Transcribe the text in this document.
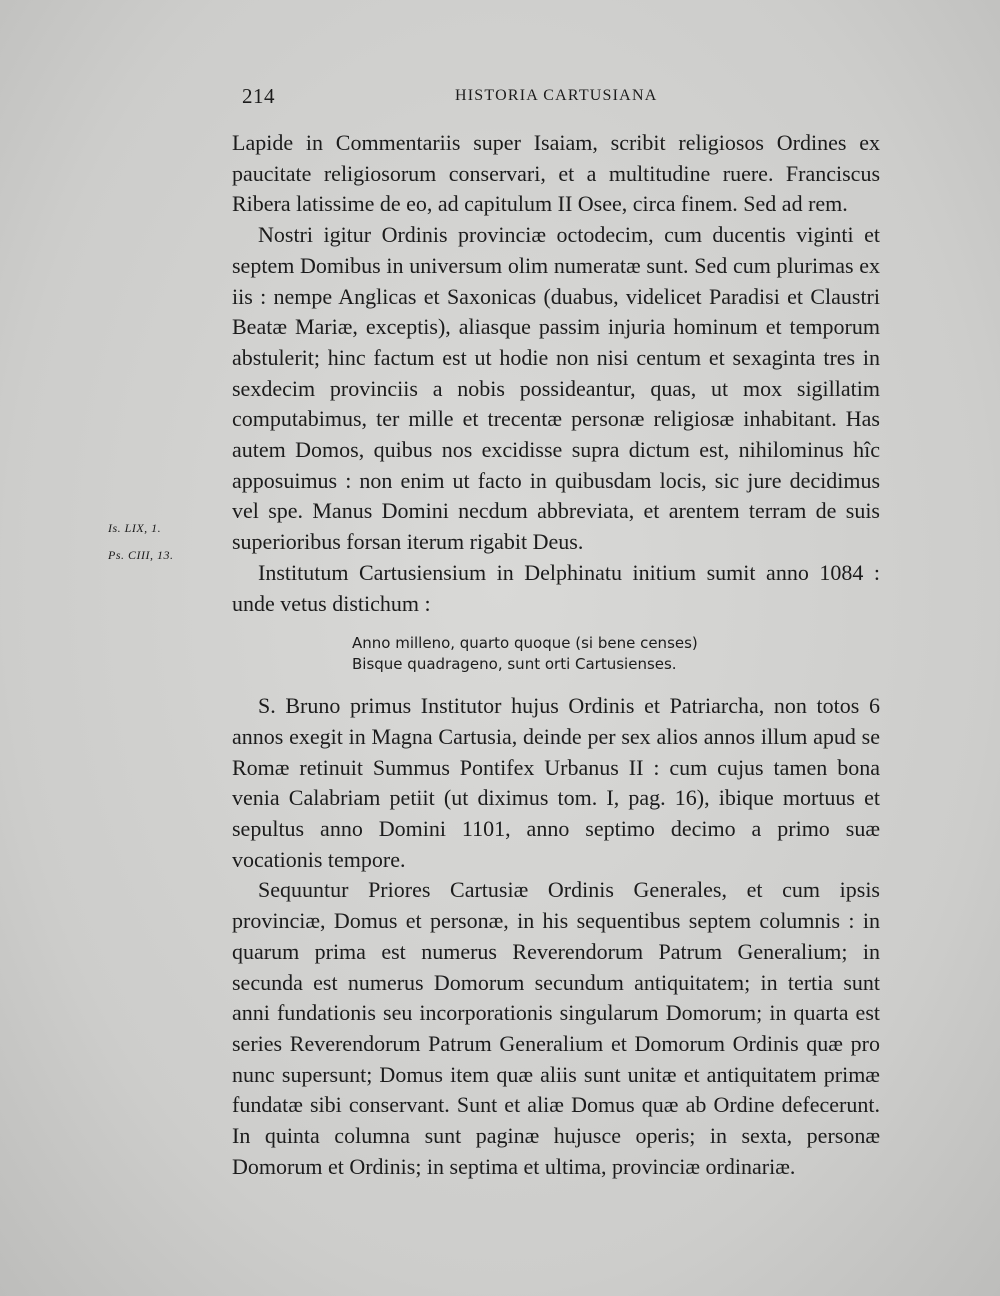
214	HISTORIA CARTUSIANA
Is. LIX, 1.
Ps. CIII, 13.

Lapide in Commentariis super Isaiam, scribit religiosos Ordines ex paucitate religiosorum conservari, et a multitudine ruere. Franciscus Ribera latissime de eo, ad capitulum II Osee, circa finem. Sed ad rem.

Nostri igitur Ordinis provinciæ octodecim, cum ducentis viginti et septem Domibus in universum olim numeratæ sunt. Sed cum plurimas ex iis : nempe Anglicas et Saxonicas (duabus, videlicet Paradisi et Claustri Beatæ Mariæ, exceptis), aliasque passim injuria hominum et temporum abstulerit; hinc factum est ut hodie non nisi centum et sexaginta tres in sexdecim provinciis a nobis possideantur, quas, ut mox sigillatim computabimus, ter mille et trecentæ personæ religiosæ inhabitant. Has autem Domos, quibus nos excidisse supra dictum est, nihilominus hîc apposuimus : non enim ut facto in quibusdam locis, sic jure decidimus vel spe. Manus Domini necdum abbreviata, et arentem terram de suis superioribus forsan iterum rigabit Deus.

Institutum Cartusiensium in Delphinatu initium sumit anno 1084 : unde vetus distichum :

Anno milleno, quarto quoque (si bene censes)
Bisque quadrageno, sunt orti Cartusienses.

S. Bruno primus Institutor hujus Ordinis et Patriarcha, non totos 6 annos exegit in Magna Cartusia, deinde per sex alios annos illum apud se Romæ retinuit Summus Pontifex Urbanus II : cum cujus tamen bona venia Calabriam petiit (ut diximus tom. I, pag. 16), ibique mortuus et sepultus anno Domini 1101, anno septimo decimo a primo suæ vocationis tempore.

Sequuntur Priores Cartusiæ Ordinis Generales, et cum ipsis provinciæ, Domus et personæ, in his sequentibus septem columnis : in quarum prima est numerus Reverendorum Patrum Generalium; in secunda est numerus Domorum secundum antiquitatem; in tertia sunt anni fundationis seu incorporationis singularum Domorum; in quarta est series Reverendorum Patrum Generalium et Domorum Ordinis quæ pro nunc supersunt; Domus item quæ aliis sunt unitæ et antiquitatem primæ fundatæ sibi conservant. Sunt et aliæ Domus quæ ab Ordine defecerunt. In quinta columna sunt paginæ hujusce operis; in sexta, personæ Domorum et Ordinis; in septima et ultima, provinciæ ordinariæ.
